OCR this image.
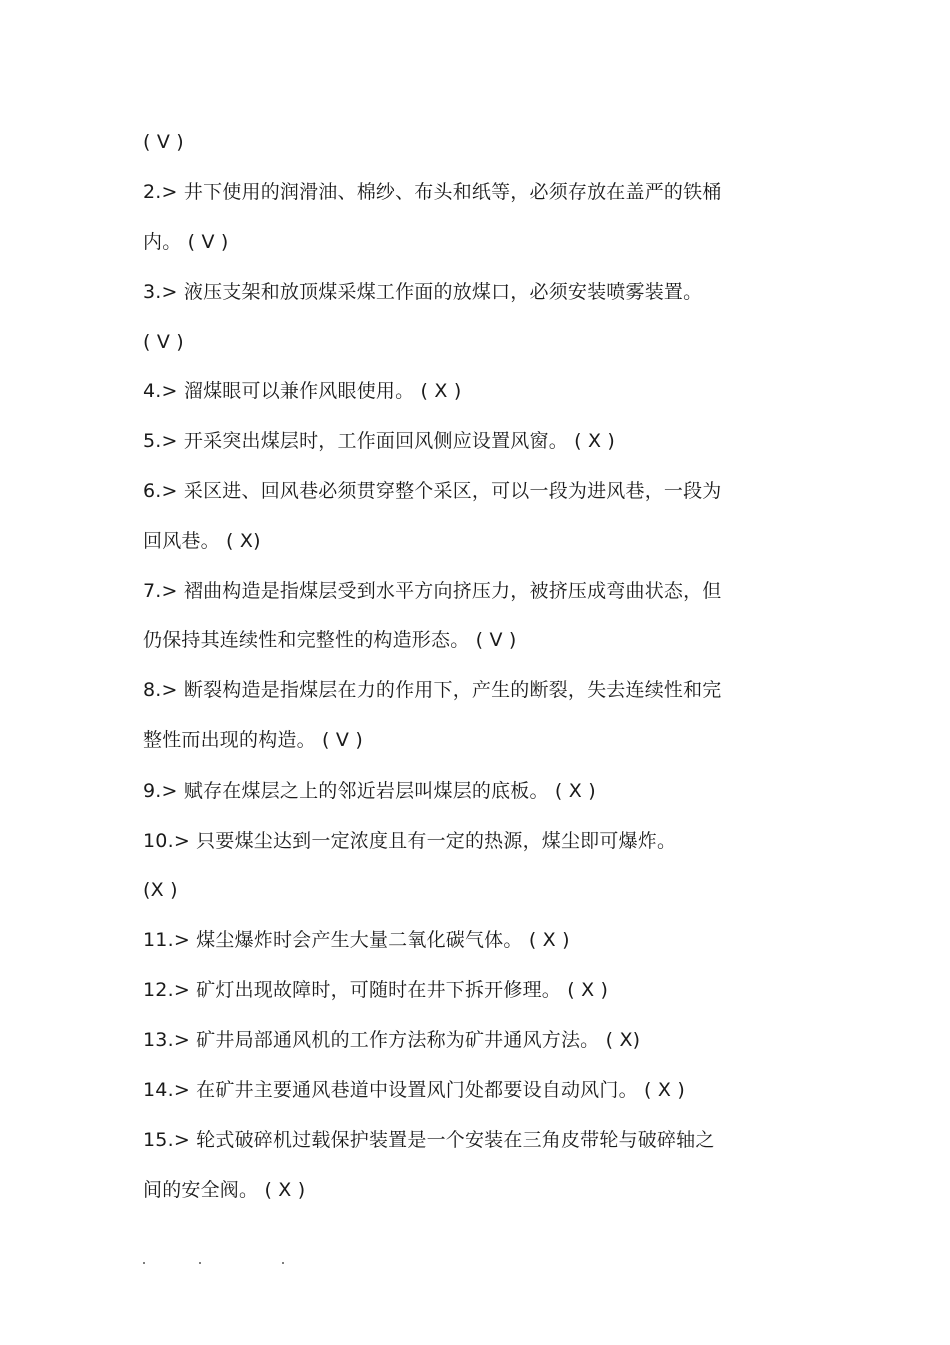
( V )
2.> 井下使用的润滑油、棉纱、布头和纸等，必须存放在盖严的铁桶
内。 ( V )
3.> 液压支架和放顶煤采煤工作面的放煤口，必须安装喷雾装置。
( V )
4.> 溜煤眼可以兼作风眼使用。 ( X )
5.> 开采突出煤层时，工作面回风侧应设置风窗。 ( X )
6.> 采区进、回风巷必须贯穿整个采区，可以一段为进风巷，一段为
回风巷。 ( X)
7.> 褶曲构造是指煤层受到水平方向挤压力，被挤压成弯曲状态，但
仍保持其连续性和完整性的构造形态。 ( V )
8.> 断裂构造是指煤层在力的作用下，产生的断裂，失去连续性和完
整性而出现的构造。 ( V )
9.> 赋存在煤层之上的邻近岩层叫煤层的底板。 ( X )
10.> 只要煤尘达到一定浓度且有一定的热源，煤尘即可爆炸。
(X )
11.> 煤尘爆炸时会产生大量二氧化碳气体。 ( X )
12.> 矿灯出现故障时，可随时在井下拆开修理。 ( X )
13.> 矿井局部通风机的工作方法称为矿井通风方法。 ( X)
14.> 在矿井主要通风巷道中设置风门处都要设自动风门。 ( X )
15.> 轮式破碎机过载保护装置是一个安装在三角皮带轮与破碎轴之
间的安全阀。 ( X )
